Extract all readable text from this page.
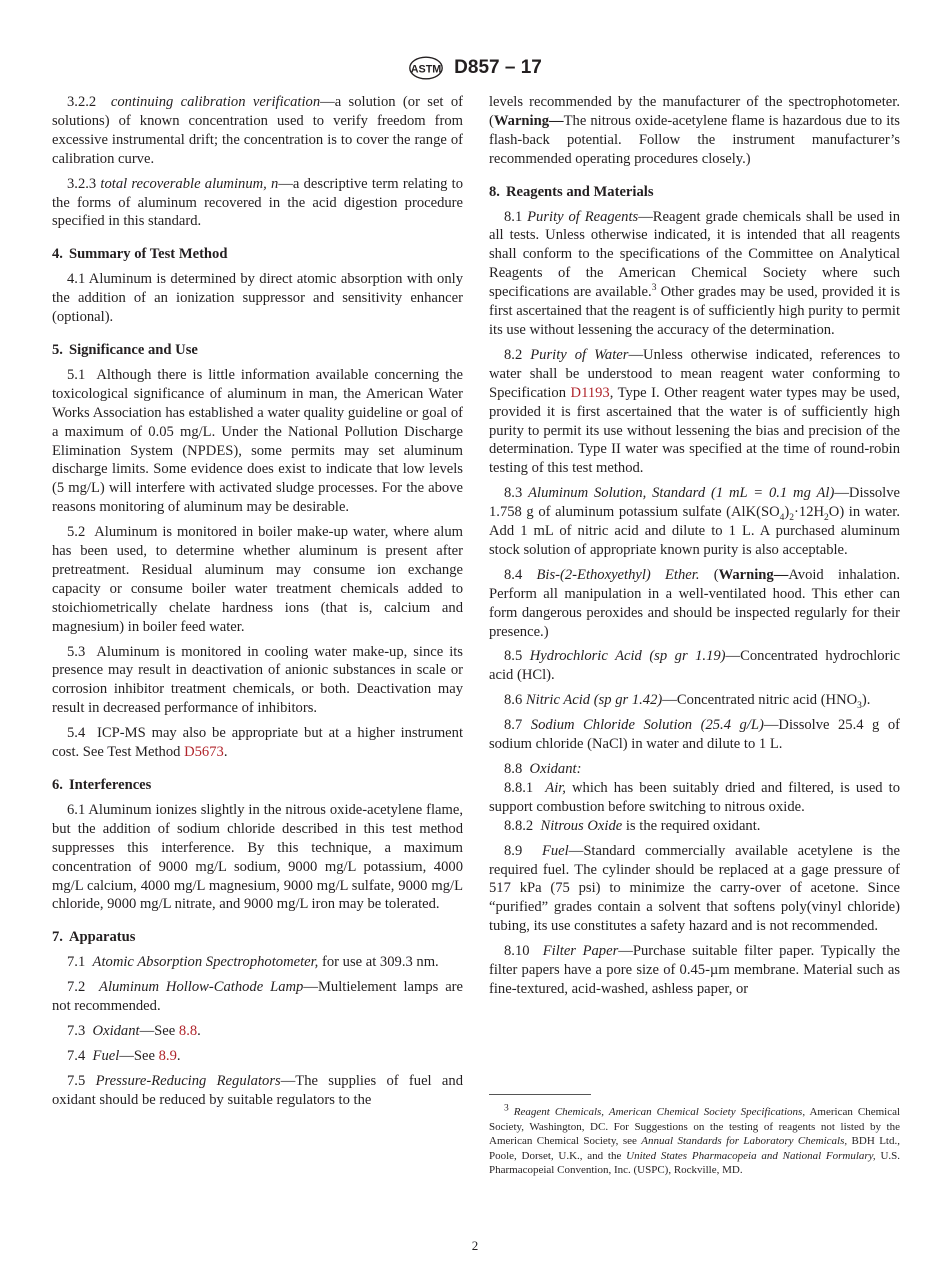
ASTM D857 – 17

3.2.2 continuing calibration verification—a solution (or set of solutions) of known concentration used to verify freedom from excessive instrumental drift; the concentration is to cover the range of calibration curve.

3.2.3 total recoverable aluminum, n—a descriptive term relating to the forms of aluminum recovered in the acid digestion procedure specified in this standard.

4. Summary of Test Method

4.1 Aluminum is determined by direct atomic absorption with only the addition of an ionization suppressor and sensitivity enhancer (optional).

5. Significance and Use

5.1 Although there is little information available concerning the toxicological significance of aluminum in man, the American Water Works Association has established a water quality guideline or goal of a maximum of 0.05 mg/L. Under the National Pollution Discharge Elimination System (NPDES), some permits may set aluminum discharge limits. Some evidence does exist to indicate that low levels (5 mg/L) will interfere with activated sludge processes. For the above reasons monitoring of aluminum may be desirable.

5.2 Aluminum is monitored in boiler make-up water, where alum has been used, to determine whether aluminum is present after pretreatment. Residual aluminum may consume ion exchange capacity or consume boiler water treatment chemicals added to stoichiometrically chelate hardness ions (that is, calcium and magnesium) in boiler feed water.

5.3 Aluminum is monitored in cooling water make-up, since its presence may result in deactivation of anionic substances in scale or corrosion inhibitor treatment chemicals, or both. Deactivation may result in decreased performance of inhibitors.

5.4 ICP-MS may also be appropriate but at a higher instrument cost. See Test Method D5673.

6. Interferences

6.1 Aluminum ionizes slightly in the nitrous oxide-acetylene flame, but the addition of sodium chloride described in this test method suppresses this interference. By this technique, a maximum concentration of 9000 mg/L sodium, 9000 mg/L potassium, 4000 mg/L calcium, 4000 mg/L magnesium, 9000 mg/L sulfate, 9000 mg/L chloride, 9000 mg/L nitrate, and 9000 mg/L iron may be tolerated.

7. Apparatus

7.1 Atomic Absorption Spectrophotometer, for use at 309.3 nm.

7.2 Aluminum Hollow-Cathode Lamp—Multielement lamps are not recommended.

7.3 Oxidant—See 8.8.

7.4 Fuel—See 8.9.

7.5 Pressure-Reducing Regulators—The supplies of fuel and oxidant should be reduced by suitable regulators to the

levels recommended by the manufacturer of the spectrophotometer. (Warning—The nitrous oxide-acetylene flame is hazardous due to its flash-back potential. Follow the instrument manufacturer’s recommended operating procedures closely.)

8. Reagents and Materials

8.1 Purity of Reagents—Reagent grade chemicals shall be used in all tests. Unless otherwise indicated, it is intended that all reagents shall conform to the specifications of the Committee on Analytical Reagents of the American Chemical Society where such specifications are available.$^3$ Other grades may be used, provided it is first ascertained that the reagent is of sufficiently high purity to permit its use without lessening the accuracy of the determination.

8.2 Purity of Water—Unless otherwise indicated, references to water shall be understood to mean reagent water conforming to Specification D1193, Type I. Other reagent water types may be used, provided it is first ascertained that the water is of sufficiently high purity to permit its use without lessening the bias and precision of the determination. Type II water was specified at the time of round-robin testing of this test method.

8.3 Aluminum Solution, Standard (1 mL = 0.1 mg Al)—Dissolve 1.758 g of aluminum potassium sulfate $(AlK(SO_4)_2\cdot 12H_2O)$ in water. Add 1 mL of nitric acid and dilute to 1 L. A purchased aluminum stock solution of appropriate known purity is also acceptable.

8.4 Bis-(2-Ethoxyethyl) Ether. (Warning—Avoid inhalation. Perform all manipulation in a well-ventilated hood. This ether can form dangerous peroxides and should be inspected regularly for their presence.)

8.5 Hydrochloric Acid (sp gr 1.19)—Concentrated hydrochloric acid (HCl).

8.6 Nitric Acid (sp gr 1.42)—Concentrated nitric acid $(HNO_3)$.

8.7 Sodium Chloride Solution (25.4 g/L)—Dissolve 25.4 g of sodium chloride (NaCl) in water and dilute to 1 L.

8.8 Oxidant:

8.8.1 Air, which has been suitably dried and filtered, is used to support combustion before switching to nitrous oxide.

8.8.2 Nitrous Oxide is the required oxidant.

8.9 Fuel—Standard commercially available acetylene is the required fuel. The cylinder should be replaced at a gage pressure of 517 kPa (75 psi) to minimize the carry-over of acetone. Since “purified” grades contain a solvent that softens poly(vinyl chloride) tubing, its use constitutes a safety hazard and is not recommended.

8.10 Filter Paper—Purchase suitable filter paper. Typically the filter papers have a pore size of 0.45-µm membrane. Material such as fine-textured, acid-washed, ashless paper, or

$^3$ Reagent Chemicals, American Chemical Society Specifications, American Chemical Society, Washington, DC. For Suggestions on the testing of reagents not listed by the American Chemical Society, see Annual Standards for Laboratory Chemicals, BDH Ltd., Poole, Dorset, U.K., and the United States Pharmacopeia and National Formulary, U.S. Pharmacopeial Convention, Inc. (USPC), Rockville, MD.

2
